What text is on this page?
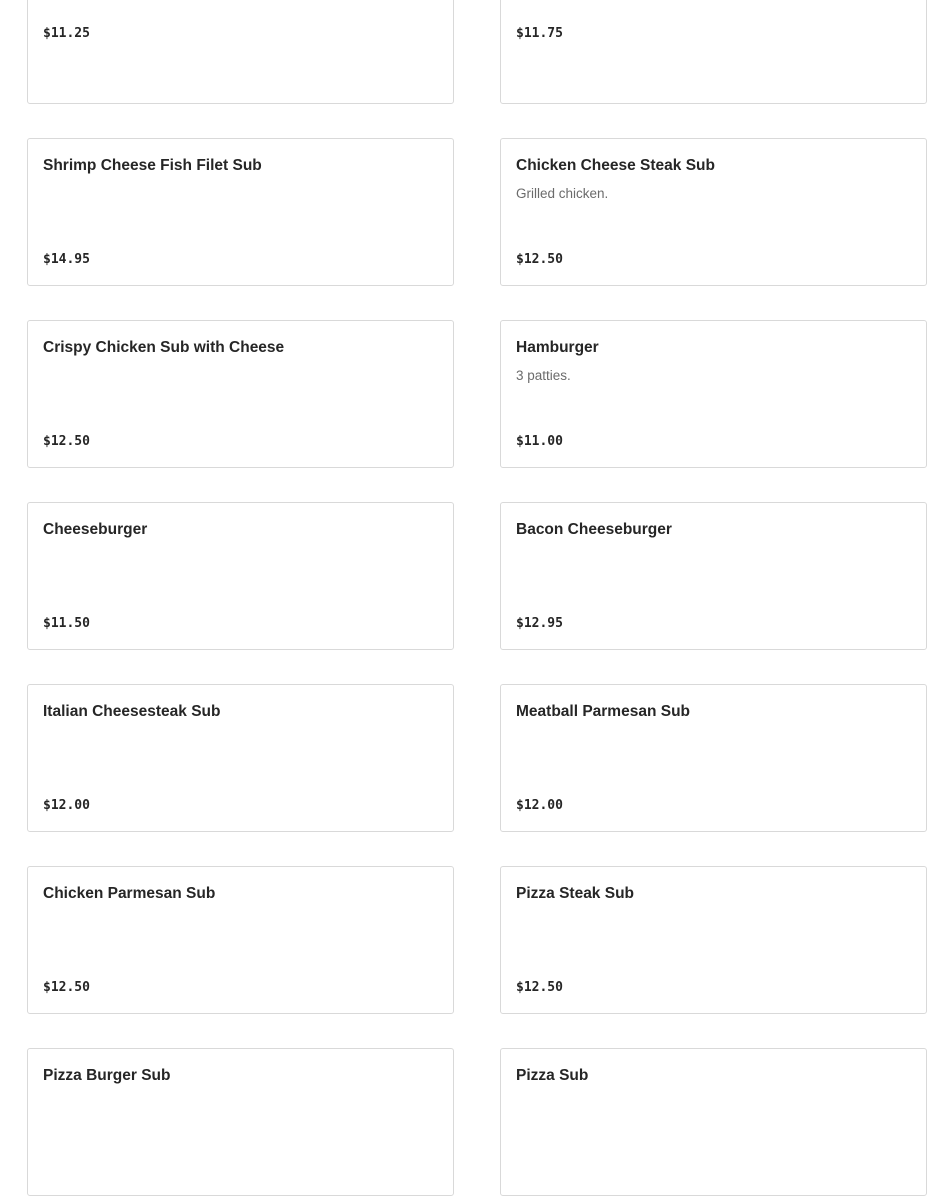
$11.25	$11.75
Shrimp Cheese Fish Filet Sub
$14.95
Chicken Cheese Steak Sub
Grilled chicken.
$12.50
Crispy Chicken Sub with Cheese
$12.50
Hamburger
3 patties.
$11.00
Cheeseburger
$11.50
Bacon Cheeseburger
$12.95
Italian Cheesesteak Sub
$12.00
Meatball Parmesan Sub
$12.00
Chicken Parmesan Sub
$12.50
Pizza Steak Sub
$12.50
Pizza Burger Sub	Pizza Sub
